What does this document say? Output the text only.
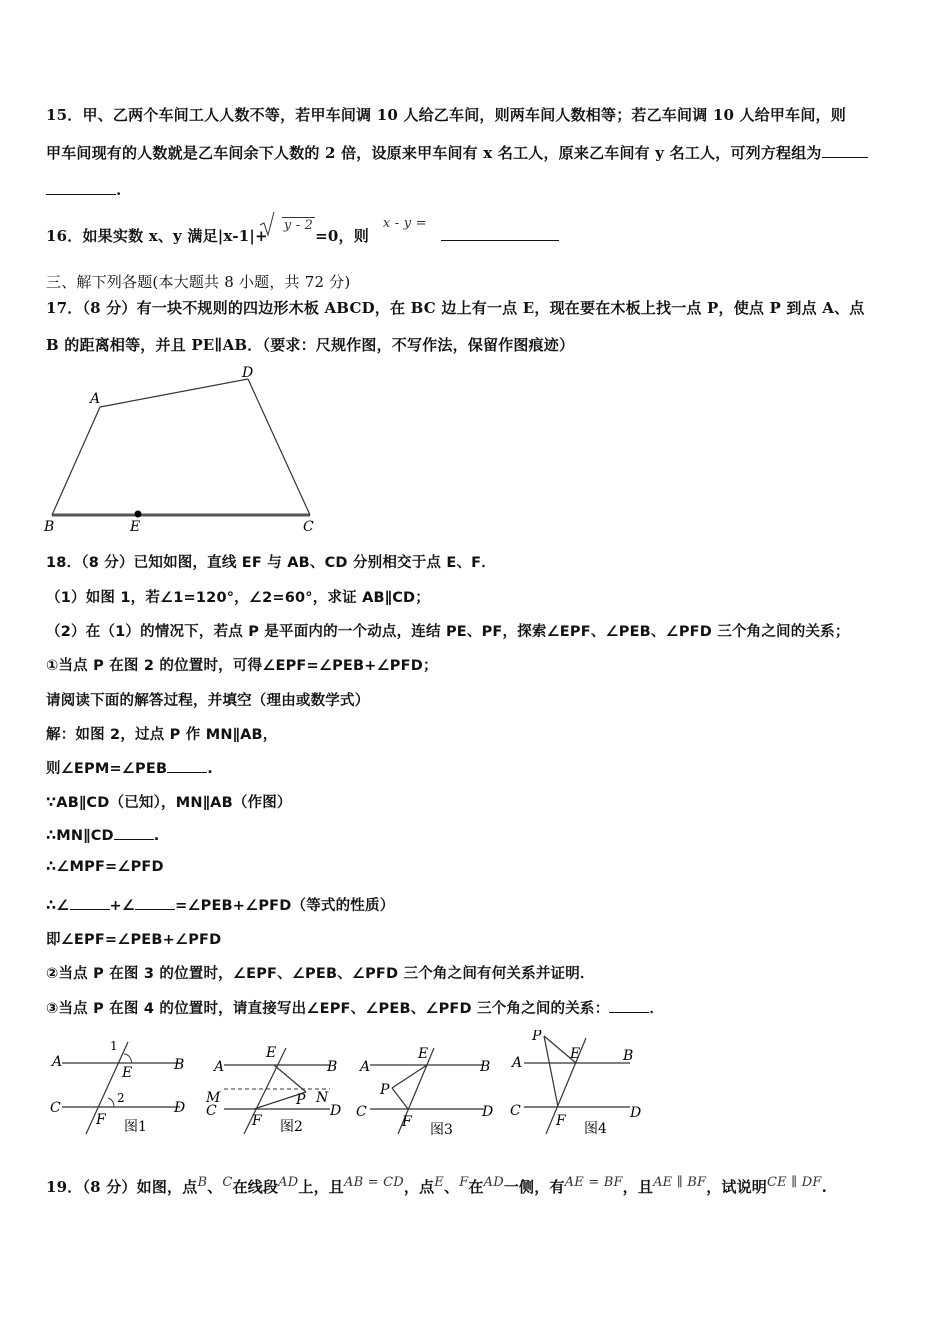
15．甲、乙两个车间工人人数不等，若甲车间调 10 人给乙车间，则两车间人数相等；若乙车间调 10 人给甲车间，则
甲车间现有的人数就是乙车间余下人数的 2 倍，设原来甲车间有 x 名工人，原来乙车间有 y 名工人，可列方程组为
.
16．如果实数 x、y 满足|x-1|+y - 2=0，则x - y =
三、解下列各题(本大题共 8 小题，共 72 分)
17．（8 分）有一块不规则的四边形木板 ABCD，在 BC 边上有一点 E，现在要在木板上找一点 P，使点 P 到点 A、点
B 的距离相等，并且 PE∥AB．（要求：尺规作图，不写作法，保留作图痕迹）
A
B	C
D
E
18．（8 分）已知如图，直线 EF 与 AB、CD 分别相交于点 E、F．
（1）如图 1，若∠1=120°，∠2=60°，求证 AB∥CD；
（2）在（1）的情况下，若点 P 是平面内的一个动点，连结 PE、PF，探索∠EPF、∠PEB、∠PFD 三个角之间的关系；
①当点 P 在图 2 的位置时，可得∠EPF=∠PEB+∠PFD；
请阅读下面的解答过程，并填空（理由或数学式）
解：如图 2，过点 P 作 MN∥AB，
则∠EPM=∠PEB	.
∵AB∥CD（已知），MN∥AB（作图）
∴MN∥CD	.
∴∠MPF=∠PFD
∴∠	+∠	=∠PEB+∠PFD（等式的性质）
即∠EPF=∠PEB+∠PFD
②当点 P 在图 3 的位置时，∠EPF、∠PEB、∠PFD 三个角之间有何关系并证明．
③当点 P 在图 4 的位置时，请直接写出∠EPF、∠PEB、∠PFD 三个角之间的关系：	．
A	B
C	D
E
F
1
2
图1
A	B
C	D
E
F
M	N
P
图2
A	B
C	D
E
F
P
图3
A	B
C	D
E
F
P
图4
19．（8 分）如图，点B、C在线段AD上，且AB = CD，点E、F在AD一侧，有AE = BF，且AE ∥ BF，试说明CE ∥ DF.
